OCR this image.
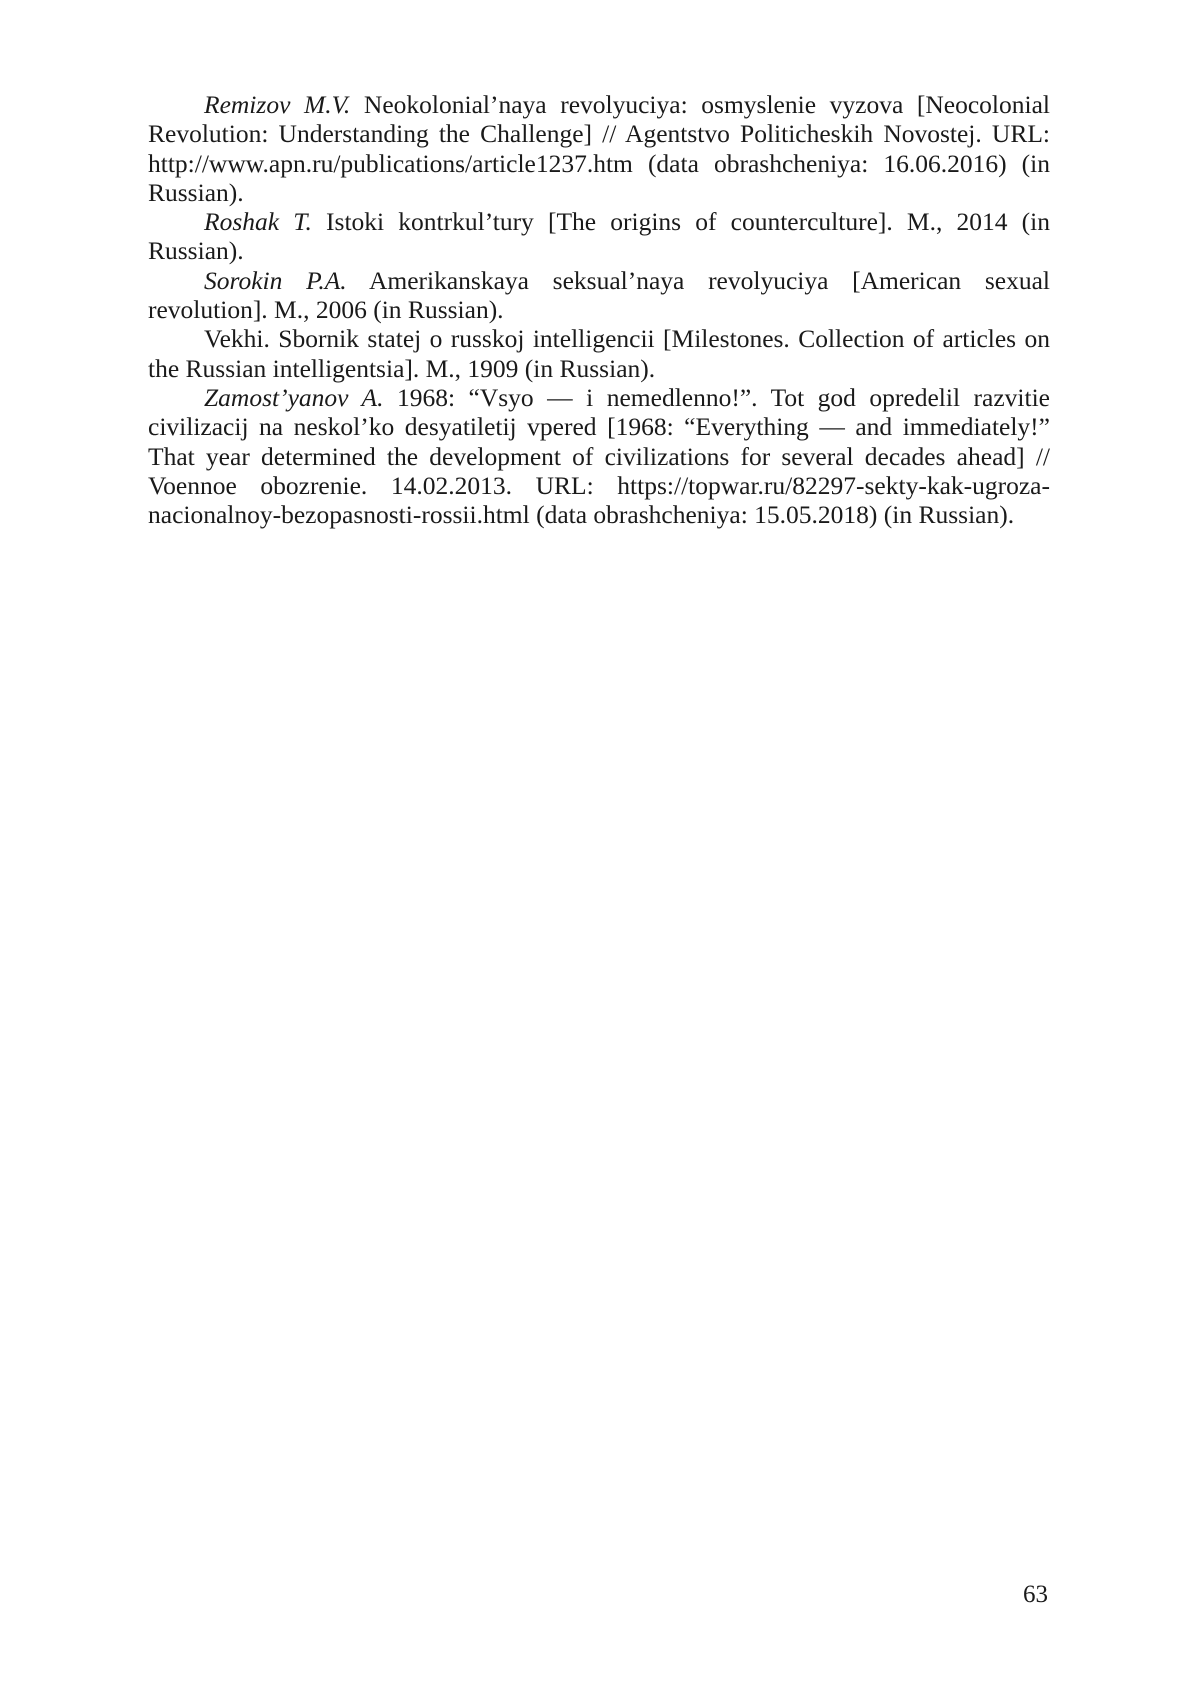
Remizov M.V. Neokolonial’naya revolyuciya: osmyslenie vyzova [Neocolonial Revolution: Understanding the Challenge] // Agentstvo Politicheskih Novostej. URL: http://www.apn.ru/publications/article1237.htm (data obrashcheniya: 16.06.2016) (in Russian).

Roshak T. Istoki kontrkul’tury [The origins of counterculture]. M., 2014 (in Russian).

Sorokin P.A. Amerikanskaya seksual’naya revolyuciya [American sexual revolution]. M., 2006 (in Russian).

Vekhi. Sbornik statej o russkoj intelligencii [Milestones. Collection of articles on the Russian intelligentsia]. M., 1909 (in Russian).

Zamost’yanov A. 1968: “Vsyo — i nemedlenno!”. Tot god opredelil razvitie civilizacij na neskol’ko desyatiletij vpered [1968: “Everything — and immediately!” That year determined the development of civilizations for several decades ahead] // Voennoe obozrenie. 14.02.2013. URL: https://topwar.ru/82297-sekty-kak-ugroza-nacionalnoy-bezopasnosti-rossii.html (data obrashcheniya: 15.05.2018) (in Russian).

63
